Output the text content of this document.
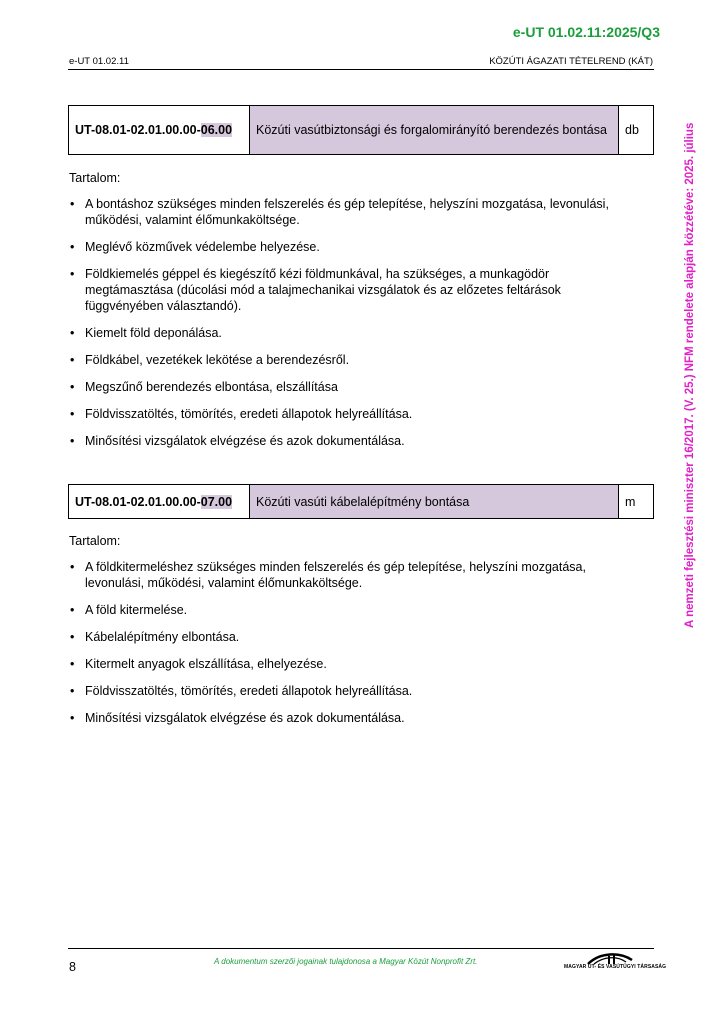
e-UT 01.02.11:2025/Q3
e-UT 01.02.11	KÖZÚTI ÁGAZATI TÉTELREND (KÁT)
UT-08.01-02.01.00.00-06.00	Közúti vasútbiztonsági és forgalomirányító berendezés bontása	db
Tartalom:
• A bontáshoz szükséges minden felszerelés és gép telepítése, helyszíni mozgatása, levonulási, működési, valamint élőmunkaköltsége.
• Meglévő közművek védelembe helyezése.
• Földkiemelés géppel és kiegészítő kézi földmunkával, ha szükséges, a munkagödör megtámasztása (dúcolási mód a talajmechanikai vizsgálatok és az előzetes feltárások függvényében választandó).
• Kiemelt föld deponálása.
• Földkábel, vezetékek lekötése a berendezésről.
• Megszűnő berendezés elbontása, elszállítása
• Földvisszatöltés, tömörítés, eredeti állapotok helyreállítása.
• Minősítési vizsgálatok elvégzése és azok dokumentálása.
UT-08.01-02.01.00.00-07.00	Közúti vasúti kábelalépítmény bontása	m
Tartalom:
• A földkitermeléshez szükséges minden felszerelés és gép telepítése, helyszíni mozgatása, levonulási, működési, valamint élőmunkaköltsége.
• A föld kitermelése.
• Kábelalépítmény elbontása.
• Kitermelt anyagok elszállítása, elhelyezése.
• Földvisszatöltés, tömörítés, eredeti állapotok helyreállítása.
• Minősítési vizsgálatok elvégzése és azok dokumentálása.
A nemzeti fejlesztési miniszter 16/2017. (V. 25.) NFM rendelete alapján közzétéve: 2025. július
8	A dokumentum szerzői jogainak tulajdonosa a Magyar Közút Nonprofit Zrt.
MAGYAR ÚT- ÉS VASÚTÜGYI TÁRSASÁG
